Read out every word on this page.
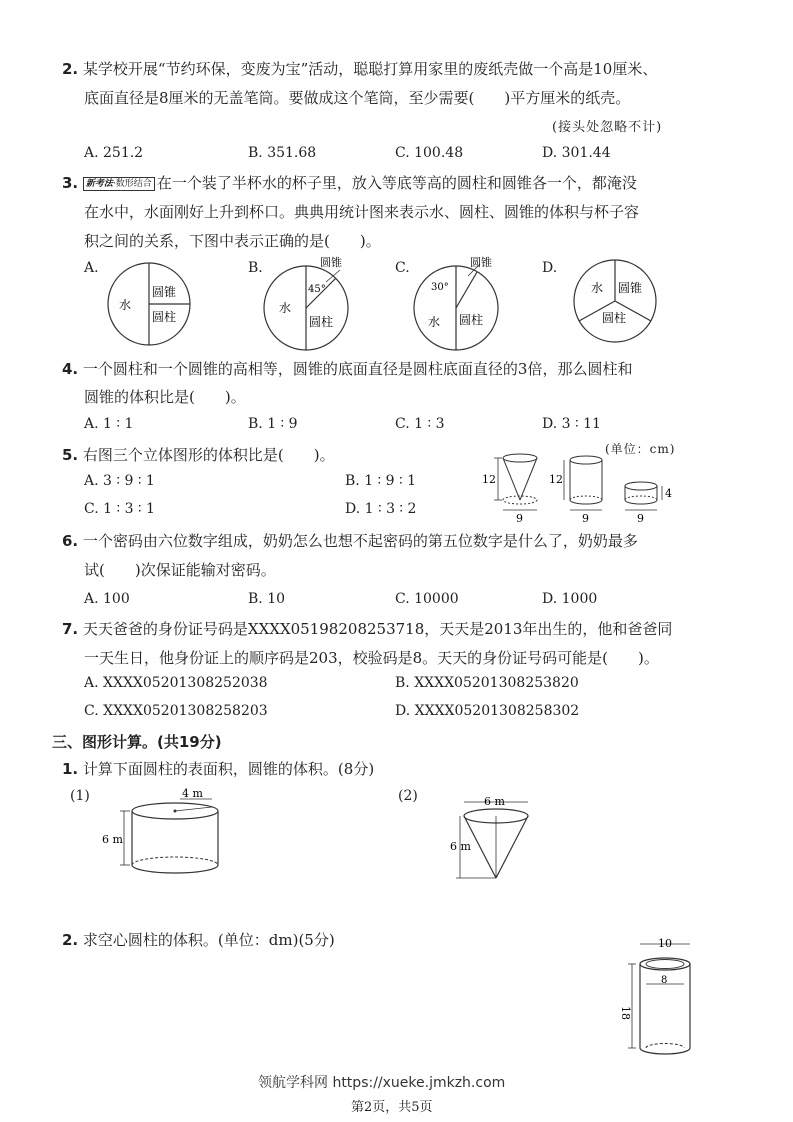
2. 某学校开展“节约环保，变废为宝”活动，聪聪打算用家里的废纸壳做一个高是10厘米、
底面直径是8厘米的无盖笔筒。要做成这个笔筒，至少需要(　　)平方厘米的纸壳。
(接头处忽略不计)
A. 251.2	B. 351.68	C. 100.48	D. 301.44
3. 新考法·数形结合 在一个装了半杯水的杯子里，放入等底等高的圆柱和圆锥各一个，都淹没
在水中，水面刚好上升到杯口。典典用统计图来表示水、圆柱、圆锥的体积与杯子容
积之间的关系，下图中表示正确的是(　　)。
A.	B.	C.	D.
水
圆锥
圆柱
圆锥
45°
水
圆柱
圆锥
30°
水 圆柱
水 圆锥
圆柱
4. 一个圆柱和一个圆锥的高相等，圆锥的底面直径是圆柱底面直径的3倍，那么圆柱和
圆锥的体积比是(　　)。
A. 1 ∶ 1	B. 1 ∶ 9	C. 1 ∶ 3	D. 3 ∶ 11
5. 右图三个立体图形的体积比是(　　)。
A. 3 ∶ 9 ∶ 1	B. 1 ∶ 9 ∶ 1
C. 1 ∶ 3 ∶ 1	D. 1 ∶ 3 ∶ 2
(单位：cm)
12
9
12
9
4
9
6. 一个密码由六位数字组成，奶奶怎么也想不起密码的第五位数字是什么了，奶奶最多
试(　　)次保证能输对密码。
A. 100	B. 10	C. 10000	D. 1000
7. 天天爸爸的身份证号码是XXXX05198208253718，天天是2013年出生的，他和爸爸同
一天生日，他身份证上的顺序码是203，校验码是8。天天的身份证号码可能是(　　)。
A. XXXX05201308252038	B. XXXX05201308253820
C. XXXX05201308258203	D. XXXX05201308258302
三、图形计算。(共19分)
1. 计算下面圆柱的表面积，圆锥的体积。(8分)
(1)	(2)
4 m
6 m
6 m
6 m
2. 求空心圆柱的体积。(单位：dm)(5分)	10
8
18
领航学科网 https://xueke.jmkzh.com
第2页，共5页
